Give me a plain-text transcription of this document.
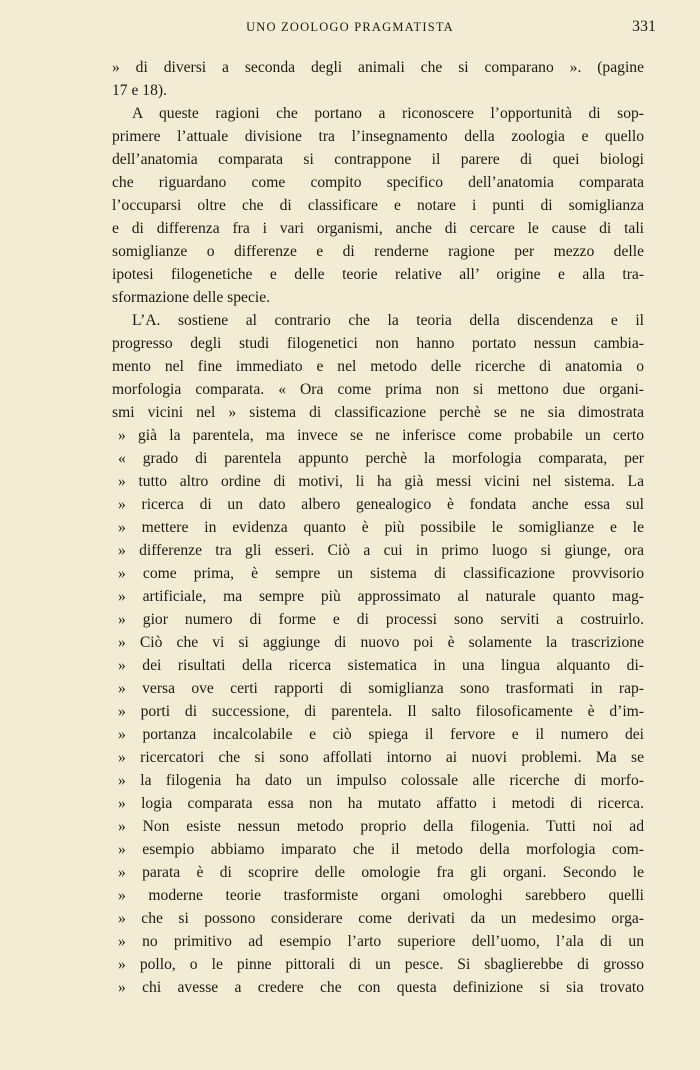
UNO ZOOLOGO PRAGMATISTA	331
» di diversi a seconda degli animali che si comparano ». (pagine
17 e 18).
A queste ragioni che portano a riconoscere l’opportunità di sop-
primere l’attuale divisione tra l’insegnamento della zoologia e quello
dell’anatomia comparata si contrappone il parere di quei biologi
che riguardano come compito specifico dell’anatomia comparata
l’occuparsi oltre che di classificare e notare i punti di somiglianza
e di differenza fra i vari organismi, anche di cercare le cause di tali
somiglianze o differenze e di renderne ragione per mezzo delle
ipotesi filogenetiche e delle teorie relative all’ origine e alla tra-
sformazione delle specie.
L’A. sostiene al contrario che la teoria della discendenza e il
progresso degli studi filogenetici non hanno portato nessun cambia-
mento nel fine immediato e nel metodo delle ricerche di anatomia o
morfologia comparata. « Ora come prima non si mettono due organi-
smi vicini nel » sistema di classificazione perchè se ne sia dimostrata
» già la parentela, ma invece se ne inferisce come probabile un certo
« grado di parentela appunto perchè la morfologia comparata, per
» tutto altro ordine di motivi, li ha già messi vicini nel sistema. La
» ricerca di un dato albero genealogico è fondata anche essa sul
» mettere in evidenza quanto è più possibile le somiglianze e le
» differenze tra gli esseri. Ciò a cui in primo luogo si giunge, ora
» come prima, è sempre un sistema di classificazione provvisorio
» artificiale, ma sempre più approssimato al naturale quanto mag-
» gior numero di forme e di processi sono serviti a costruirlo.
» Ciò che vi si aggiunge di nuovo poi è solamente la trascrizione
» dei risultati della ricerca sistematica in una lingua alquanto di-
» versa ove certi rapporti di somiglianza sono trasformati in rap-
» porti di successione, di parentela. Il salto filosoficamente è d’im-
» portanza incalcolabile e ciò spiega il fervore e il numero dei
» ricercatori che si sono affollati intorno ai nuovi problemi. Ma se
» la filogenia ha dato un impulso colossale alle ricerche di morfo-
» logia comparata essa non ha mutato affatto i metodi di ricerca.
» Non esiste nessun metodo proprio della filogenia. Tutti noi ad
» esempio abbiamo imparato che il metodo della morfologia com-
» parata è di scoprire delle omologie fra gli organi. Secondo le
» moderne teorie trasformiste organi omologhi sarebbero quelli
» che si possono considerare come derivati da un medesimo orga-
» no primitivo ad esempio l’arto superiore dell’uomo, l’ala di un
» pollo, o le pinne pittorali di un pesce. Si sbaglierebbe di grosso
» chi avesse a credere che con questa definizione si sia trovato
